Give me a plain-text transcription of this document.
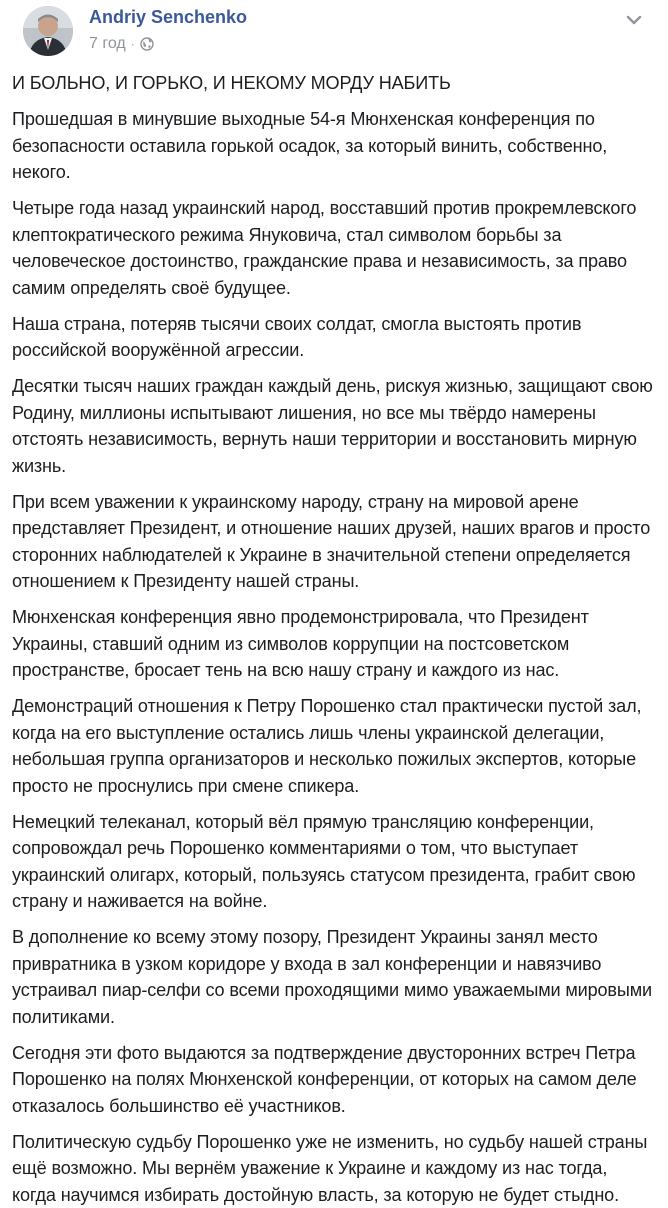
Andriy Senchenko
7 год ·
И БОЛЬНО, И ГОРЬКО, И НЕКОМУ МОРДУ НАБИТЬ

Прошедшая в минувшие выходные 54-я Мюнхенская конференция по безопасности оставила горькой осадок, за который винить, собственно, некого.

Четыре года назад украинский народ, восставший против прокремлевского клептократического режима Януковича, стал символом борьбы за человеческое достоинство, гражданские права и независимость, за право самим определять своё будущее.

Наша страна, потеряв тысячи своих солдат, смогла выстоять против российской вооружённой агрессии.

Десятки тысяч наших граждан каждый день, рискуя жизнью, защищают свою Родину, миллионы испытывают лишения, но все мы твёрдо намерены отстоять независимость, вернуть наши территории и восстановить мирную жизнь.

При всем уважении к украинскому народу, страну на мировой арене представляет Президент, и отношение наших друзей, наших врагов и просто сторонних наблюдателей к Украине в значительной степени определяется отношением к Президенту нашей страны.

Мюнхенская конференция явно продемонстрировала, что Президент Украины, ставший одним из символов коррупции на постсоветском пространстве, бросает тень на всю нашу страну и каждого из нас.

Демонстраций отношения к Петру Порошенко стал практически пустой зал, когда на его выступление остались лишь члены украинской делегации, небольшая группа организаторов и несколько пожилых экспертов, которые просто не проснулись при смене спикера.

Немецкий телеканал, который вёл прямую трансляцию конференции, сопровождал речь Порошенко комментариями о том, что выступает украинский олигарх, который, пользуясь статусом президента, грабит свою страну и наживается на войне.

В дополнение ко всему этому позору, Президент Украины занял место привратника в узком коридоре у входа в зал конференции и навязчиво устраивал пиар-селфи со всеми проходящими мимо уважаемыми мировыми политиками.

Сегодня эти фото выдаются за подтверждение двусторонних встреч Петра Порошенко на полях Мюнхенской конференции, от которых на самом деле отказалось большинство её участников.

Политическую судьбу Порошенко уже не изменить, но судьбу нашей страны ещё возможно. Мы вернём уважение к Украине и каждому из нас тогда, когда научимся избирать достойную власть, за которую не будет стыдно.
